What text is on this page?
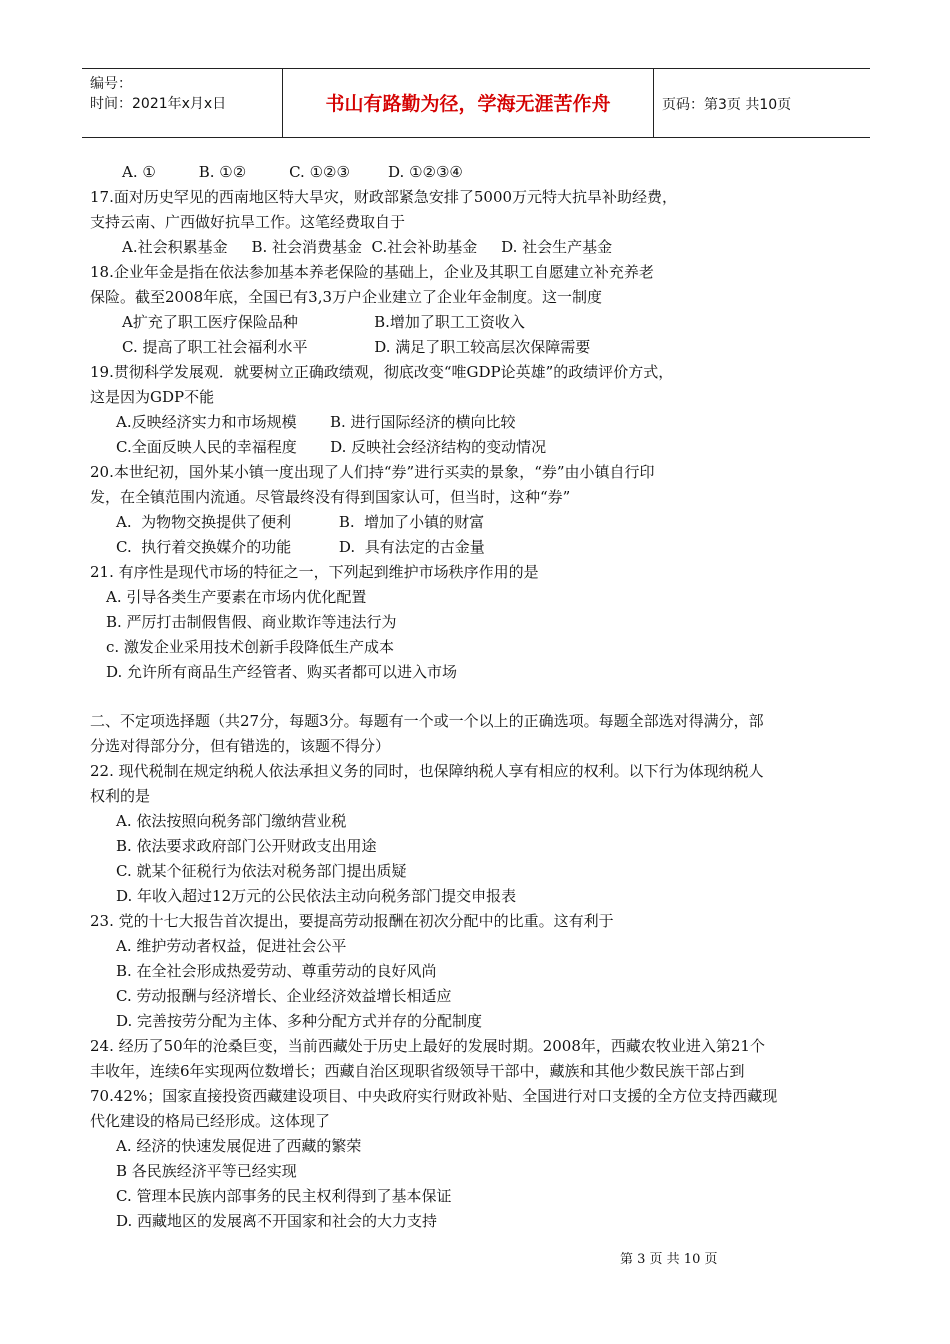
编号：
时间：2021年x月x日	书山有路勤为径，学海无涯苦作舟	页码：第3页 共10页
A. ①         B. ①②         C. ①②③        D. ①②③④
17.面对历史罕见的西南地区特大旱灾，财政部紧急安排了5000万元特大抗旱补助经费，
支持云南、广西做好抗旱工作。这笔经费取自于
A.社会积累基金     B. 社会消费基金  C.社会补助基金     D. 社会生产基金
18.企业年金是指在依法参加基本养老保险的基础上，企业及其职工自愿建立补充养老
保险。截至2008年底，全国已有3,3万户企业建立了企业年金制度。这一制度
A扩充了职工医疗保险品种                B.增加了职工工资收入
C. 提高了职工社会福利水平              D. 满足了职工较高层次保障需要
19.贯彻科学发展观．就要树立正确政绩观，彻底改变“唯GDP论英雄”的政绩评价方式，
这是因为GDP不能
A.反映经济实力和市场规模       B. 进行国际经济的横向比较
C.全面反映人民的幸福程度       D. 反映社会经济结构的变动情况
20.本世纪初，国外某小镇一度出现了人们持“券”进行买卖的景象，“券”由小镇自行印
发，在全镇范围内流通。尽管最终没有得到国家认可，但当时，这种“券”
A.  为物物交换提供了便利          B.  增加了小镇的财富
C.  执行着交换媒介的功能          D.  具有法定的古金量
21. 有序性是现代市场的特征之一，下列起到维护市场秩序作用的是
A. 引导各类生产要素在市场内优化配置
B. 严厉打击制假售假、商业欺诈等违法行为
c. 激发企业采用技术创新手段降低生产成本
D. 允许所有商品生产经管者、购买者都可以进入市场
二、不定项选择题（共27分，每题3分。每题有一个或一个以上的正确选项。每题全部选对得满分，部
分选对得部分分，但有错选的，该题不得分）
22. 现代税制在规定纳税人依法承担义务的同时，也保障纳税人享有相应的权利。以下行为体现纳税人
权利的是
A. 依法按照向税务部门缴纳营业税
B. 依法要求政府部门公开财政支出用途
C. 就某个征税行为依法对税务部门提出质疑
D. 年收入超过12万元的公民依法主动向税务部门提交申报表
23. 党的十七大报告首次提出，要提高劳动报酬在初次分配中的比重。这有利于
A. 维护劳动者权益，促进社会公平
B. 在全社会形成热爱劳动、尊重劳动的良好风尚
C. 劳动报酬与经济增长、企业经济效益增长相适应
D. 完善按劳分配为主体、多种分配方式并存的分配制度
24. 经历了50年的沧桑巨变，当前西藏处于历史上最好的发展时期。2008年，西藏农牧业进入第21个
丰收年，连续6年实现两位数增长；西藏自治区现职省级领导干部中，藏族和其他少数民族干部占到
70.42%；国家直接投资西藏建设项目、中央政府实行财政补贴、全国进行对口支援的全方位支持西藏现
代化建设的格局已经形成。这体现了
A. 经济的快速发展促进了西藏的繁荣
B 各民族经济平等已经实现
C. 管理本民族内部事务的民主权利得到了基本保证
D. 西藏地区的发展离不开国家和社会的大力支持
第 3 页 共 10 页
